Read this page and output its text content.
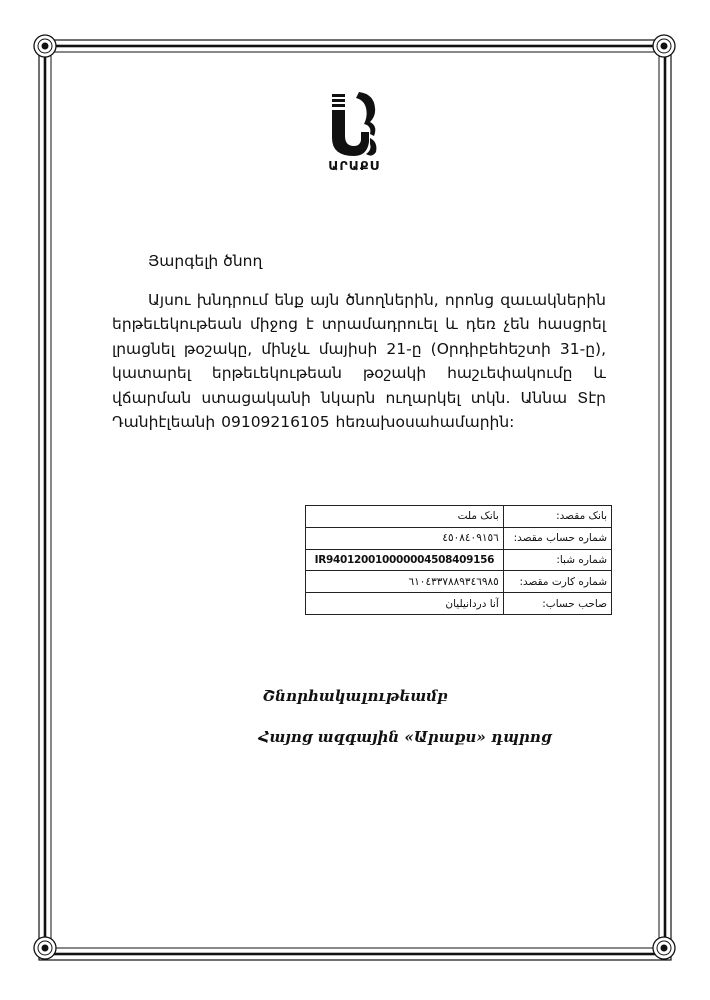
ԱՐԱՔՍ
Յարգելի ծնող
Այսու խնդրում ենք այն ծնողներին, որոնց զաւակներին երթեւեկութեան միջոց է տրամադրուել և դեռ չեն հասցրել լրացնել թօշակը, մինչև մայիսի 21-ը (Օրդիբեհեշտի 31-ը), կատարել երթեւեկութեան թօշակի հաշւեփակումը և վճարման ստացականի նկարն ուղարկել տկն. Աննա Տէր Դանիէլեանի 09109216105 հեռախօսահամարին:
بانک ملت	بانک مقصد:
٤٥٠٨٤٠٩١٥٦	شماره حساب مقصد:
IR940120010000004508409156	شماره شبا:
٦١٠٤٣٣٧٨٨٩٣٤٦٩٨٥	شماره کارت مقصد:
آنا دردانیلیان	صاحب حساب:
Շնորհակալութեամբ
Հայոց ազգային «Արաքս» դպրոց
